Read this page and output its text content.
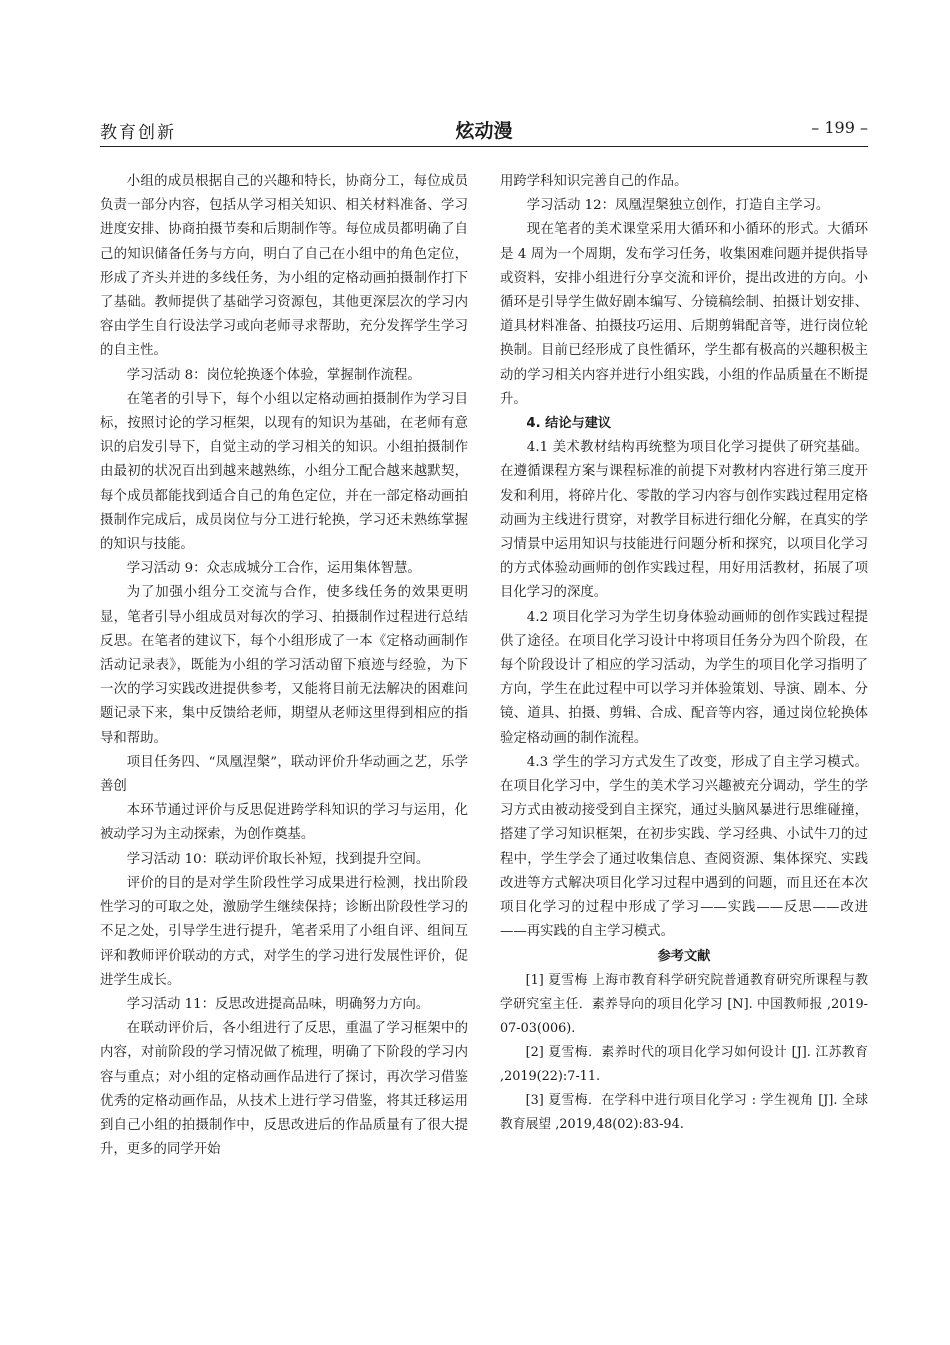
教育创新	炫动漫	– 199 –

小组的成员根据自己的兴趣和特长，协商分工，每位成员负责一部分内容，包括从学习相关知识、相关材料准备、学习进度安排、协商拍摄节奏和后期制作等。每位成员都明确了自己的知识储备任务与方向，明白了自己在小组中的角色定位，形成了齐头并进的多线任务，为小组的定格动画拍摄制作打下了基础。教师提供了基础学习资源包，其他更深层次的学习内容由学生自行设法学习或向老师寻求帮助，充分发挥学生学习的自主性。

学习活动 8：岗位轮换逐个体验，掌握制作流程。

在笔者的引导下，每个小组以定格动画拍摄制作为学习目标，按照讨论的学习框架，以现有的知识为基础，在老师有意识的启发引导下，自觉主动的学习相关的知识。小组拍摄制作由最初的状况百出到越来越熟练，小组分工配合越来越默契，每个成员都能找到适合自己的角色定位，并在一部定格动画拍摄制作完成后，成员岗位与分工进行轮换，学习还未熟练掌握的知识与技能。

学习活动 9：众志成城分工合作，运用集体智慧。

为了加强小组分工交流与合作，使多线任务的效果更明显，笔者引导小组成员对每次的学习、拍摄制作过程进行总结反思。在笔者的建议下，每个小组形成了一本《定格动画制作活动记录表》，既能为小组的学习活动留下痕迹与经验，为下一次的学习实践改进提供参考，又能将目前无法解决的困难问题记录下来，集中反馈给老师，期望从老师这里得到相应的指导和帮助。

项目任务四、“凤凰涅槃”，联动评价升华动画之艺，乐学善创

本环节通过评价与反思促进跨学科知识的学习与运用，化被动学习为主动探索，为创作奠基。

学习活动 10：联动评价取长补短，找到提升空间。

评价的目的是对学生阶段性学习成果进行检测，找出阶段性学习的可取之处，激励学生继续保持；诊断出阶段性学习的不足之处，引导学生进行提升，笔者采用了小组自评、组间互评和教师评价联动的方式，对学生的学习进行发展性评价，促进学生成长。

学习活动 11：反思改进提高品味，明确努力方向。

在联动评价后，各小组进行了反思，重温了学习框架中的内容，对前阶段的学习情况做了梳理，明确了下阶段的学习内容与重点；对小组的定格动画作品进行了探讨，再次学习借鉴优秀的定格动画作品，从技术上进行学习借鉴，将其迁移运用到自己小组的拍摄制作中，反思改进后的作品质量有了很大提升，更多的同学开始

用跨学科知识完善自己的作品。

学习活动 12：凤凰涅槃独立创作，打造自主学习。

现在笔者的美术课堂采用大循环和小循环的形式。大循环是 4 周为一个周期，发布学习任务，收集困难问题并提供指导或资料，安排小组进行分享交流和评价，提出改进的方向。小循环是引导学生做好剧本编写、分镜稿绘制、拍摄计划安排、道具材料准备、拍摄技巧运用、后期剪辑配音等，进行岗位轮换制。目前已经形成了良性循环，学生都有极高的兴趣积极主动的学习相关内容并进行小组实践，小组的作品质量在不断提升。

4. 结论与建议

4.1 美术教材结构再统整为项目化学习提供了研究基础。在遵循课程方案与课程标准的前提下对教材内容进行第三度开发和利用，将碎片化、零散的学习内容与创作实践过程用定格动画为主线进行贯穿，对教学目标进行细化分解，在真实的学习情景中运用知识与技能进行问题分析和探究，以项目化学习的方式体验动画师的创作实践过程，用好用活教材，拓展了项目化学习的深度。

4.2 项目化学习为学生切身体验动画师的创作实践过程提供了途径。在项目化学习设计中将项目任务分为四个阶段，在每个阶段设计了相应的学习活动，为学生的项目化学习指明了方向，学生在此过程中可以学习并体验策划、导演、剧本、分镜、道具、拍摄、剪辑、合成、配音等内容，通过岗位轮换体验定格动画的制作流程。

4.3 学生的学习方式发生了改变，形成了自主学习模式。在项目化学习中，学生的美术学习兴趣被充分调动，学生的学习方式由被动接受到自主探究，通过头脑风暴进行思维碰撞，搭建了学习知识框架，在初步实践、学习经典、小试牛刀的过程中，学生学会了通过收集信息、查阅资源、集体探究、实践改进等方式解决项目化学习过程中遇到的问题，而且还在本次项目化学习的过程中形成了学习——实践——反思——改进——再实践的自主学习模式。

参考文献

[1] 夏雪梅 上海市教育科学研究院普通教育研究所课程与教学研究室主任．素养导向的项目化学习 [N]. 中国教师报 ,2019-07-03(006).

[2] 夏雪梅．素养时代的项目化学习如何设计 [J]. 江苏教育 ,2019(22):7-11.

[3] 夏雪梅．在学科中进行项目化学习 : 学生视角 [J]. 全球教育展望 ,2019,48(02):83-94.
